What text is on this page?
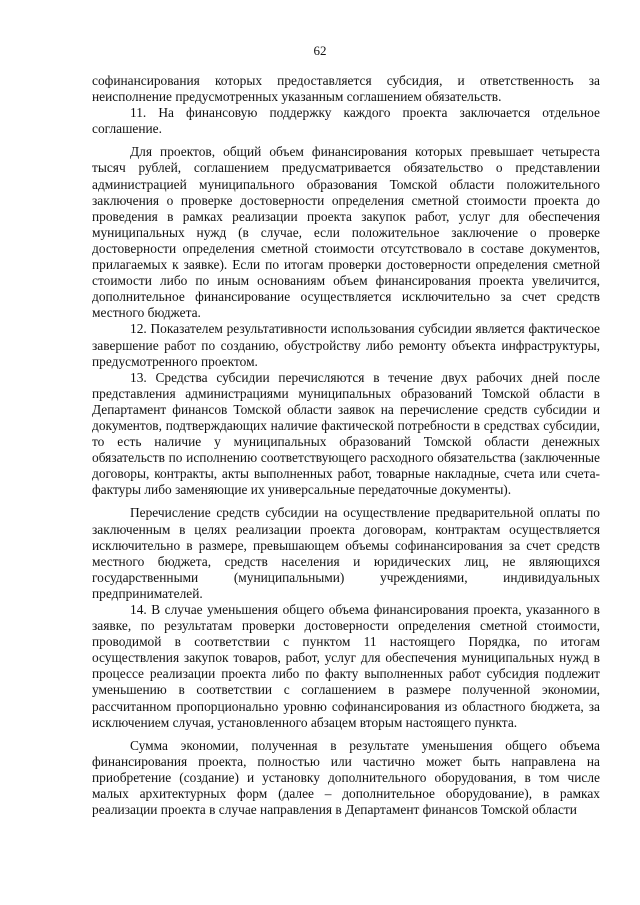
62

софинансирования которых предоставляется субсидия, и ответственность за неисполнение предусмотренных указанным соглашением обязательств.

11. На финансовую поддержку каждого проекта заключается отдельное соглашение.

Для проектов, общий объем финансирования которых превышает четыреста тысяч рублей, соглашением предусматривается обязательство о представлении администрацией муниципального образования Томской области положительного заключения о проверке достоверности определения сметной стоимости проекта до проведения в рамках реализации проекта закупок работ, услуг для обеспечения муниципальных нужд (в случае, если положительное заключение о проверке достоверности определения сметной стоимости отсутствовало в составе документов, прилагаемых к заявке). Если по итогам проверки достоверности определения сметной стоимости либо по иным основаниям объем финансирования проекта увеличится, дополнительное финансирование осуществляется исключительно за счет средств местного бюджета.

12. Показателем результативности использования субсидии является фактическое завершение работ по созданию, обустройству либо ремонту объекта инфраструктуры, предусмотренного проектом.

13. Средства субсидии перечисляются в течение двух рабочих дней после представления администрациями муниципальных образований Томской области в Департамент финансов Томской области заявок на перечисление средств субсидии и документов, подтверждающих наличие фактической потребности в средствах субсидии, то есть наличие у муниципальных образований Томской области денежных обязательств по исполнению соответствующего расходного обязательства (заключенные договоры, контракты, акты выполненных работ, товарные накладные, счета или счета-фактуры либо заменяющие их универсальные передаточные документы).

Перечисление средств субсидии на осуществление предварительной оплаты по заключенным в целях реализации проекта договорам, контрактам осуществляется исключительно в размере, превышающем объемы софинансирования за счет средств местного бюджета, средств населения и юридических лиц, не являющихся государственными (муниципальными) учреждениями, индивидуальных предпринимателей.

14. В случае уменьшения общего объема финансирования проекта, указанного в заявке, по результатам проверки достоверности определения сметной стоимости, проводимой в соответствии с пунктом 11 настоящего Порядка, по итогам осуществления закупок товаров, работ, услуг для обеспечения муниципальных нужд в процессе реализации проекта либо по факту выполненных работ субсидия подлежит уменьшению в соответствии с соглашением в размере полученной экономии, рассчитанном пропорционально уровню софинансирования из областного бюджета, за исключением случая, установленного абзацем вторым настоящего пункта.

Сумма экономии, полученная в результате уменьшения общего объема финансирования проекта, полностью или частично может быть направлена на приобретение (создание) и установку дополнительного оборудования, в том числе малых архитектурных форм (далее – дополнительное оборудование), в рамках реализации проекта в случае направления в Департамент финансов Томской области
